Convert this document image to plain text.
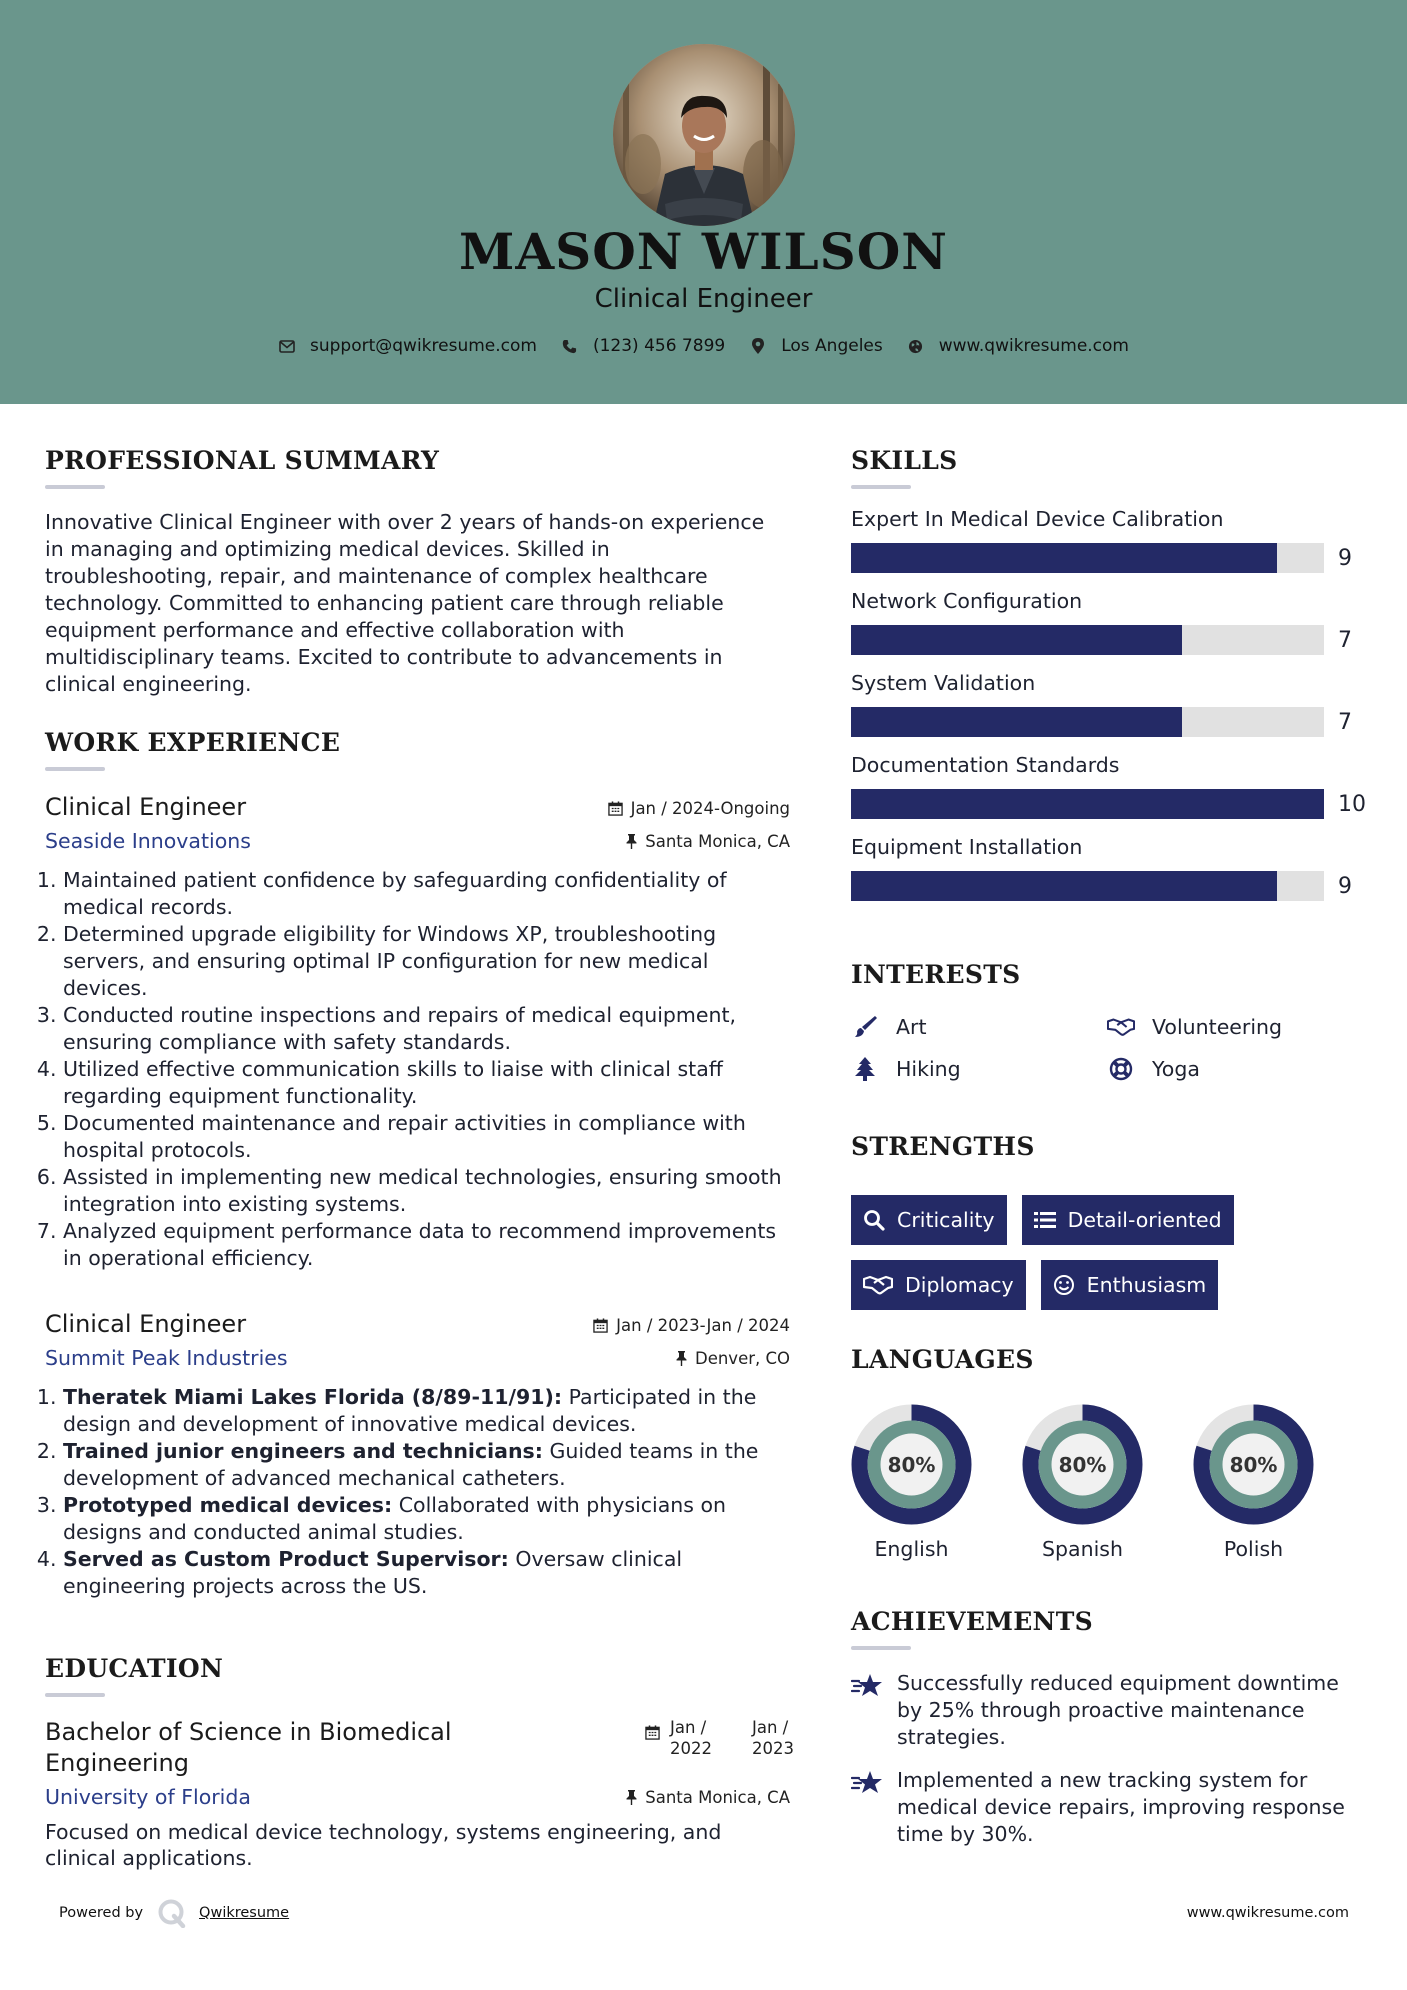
MASON WILSON
Clinical Engineer
support@qwikresume.com	(123) 456 7899	Los Angeles	www.qwikresume.com
PROFESSIONAL SUMMARY
Innovative Clinical Engineer with over 2 years of hands-on experience in managing and optimizing medical devices. Skilled in troubleshooting, repair, and maintenance of complex healthcare technology. Committed to enhancing patient care through reliable equipment performance and effective collaboration with multidisciplinary teams. Excited to contribute to advancements in clinical engineering.
WORK EXPERIENCE
Clinical Engineer	Jan / 2024-Ongoing
Seaside Innovations	Santa Monica, CA
1. Maintained patient confidence by safeguarding confidentiality of medical records.
2. Determined upgrade eligibility for Windows XP, troubleshooting servers, and ensuring optimal IP configuration for new medical devices.
3. Conducted routine inspections and repairs of medical equipment, ensuring compliance with safety standards.
4. Utilized effective communication skills to liaise with clinical staff regarding equipment functionality.
5. Documented maintenance and repair activities in compliance with hospital protocols.
6. Assisted in implementing new medical technologies, ensuring smooth integration into existing systems.
7. Analyzed equipment performance data to recommend improvements in operational efficiency.
Clinical Engineer	Jan / 2023-Jan / 2024
Summit Peak Industries	Denver, CO
1. Theratek Miami Lakes Florida (8/89-11/91): Participated in the design and development of innovative medical devices.
2. Trained junior engineers and technicians: Guided teams in the development of advanced mechanical catheters.
3. Prototyped medical devices: Collaborated with physicians on designs and conducted animal studies.
4. Served as Custom Product Supervisor: Oversaw clinical engineering projects across the US.
EDUCATION
Bachelor of Science in Biomedical Engineering
Jan / 2022
Jan / 2023
University of Florida	Santa Monica, CA
Focused on medical device technology, systems engineering, and clinical applications.
SKILLS
Expert In Medical Device Calibration
9
Network Configuration
7
System Validation
7
Documentation Standards
10
Equipment Installation
9
INTERESTS
Art	Volunteering
Hiking	Yoga
STRENGTHS
Criticality	Detail-oriented
Diplomacy	Enthusiasm
LANGUAGES
80%
English
80%
Spanish
80%
Polish
ACHIEVEMENTS
Successfully reduced equipment downtime by 25% through proactive maintenance strategies.
Implemented a new tracking system for medical device repairs, improving response time by 30%.
Powered by	Qwikresume	www.qwikresume.com
